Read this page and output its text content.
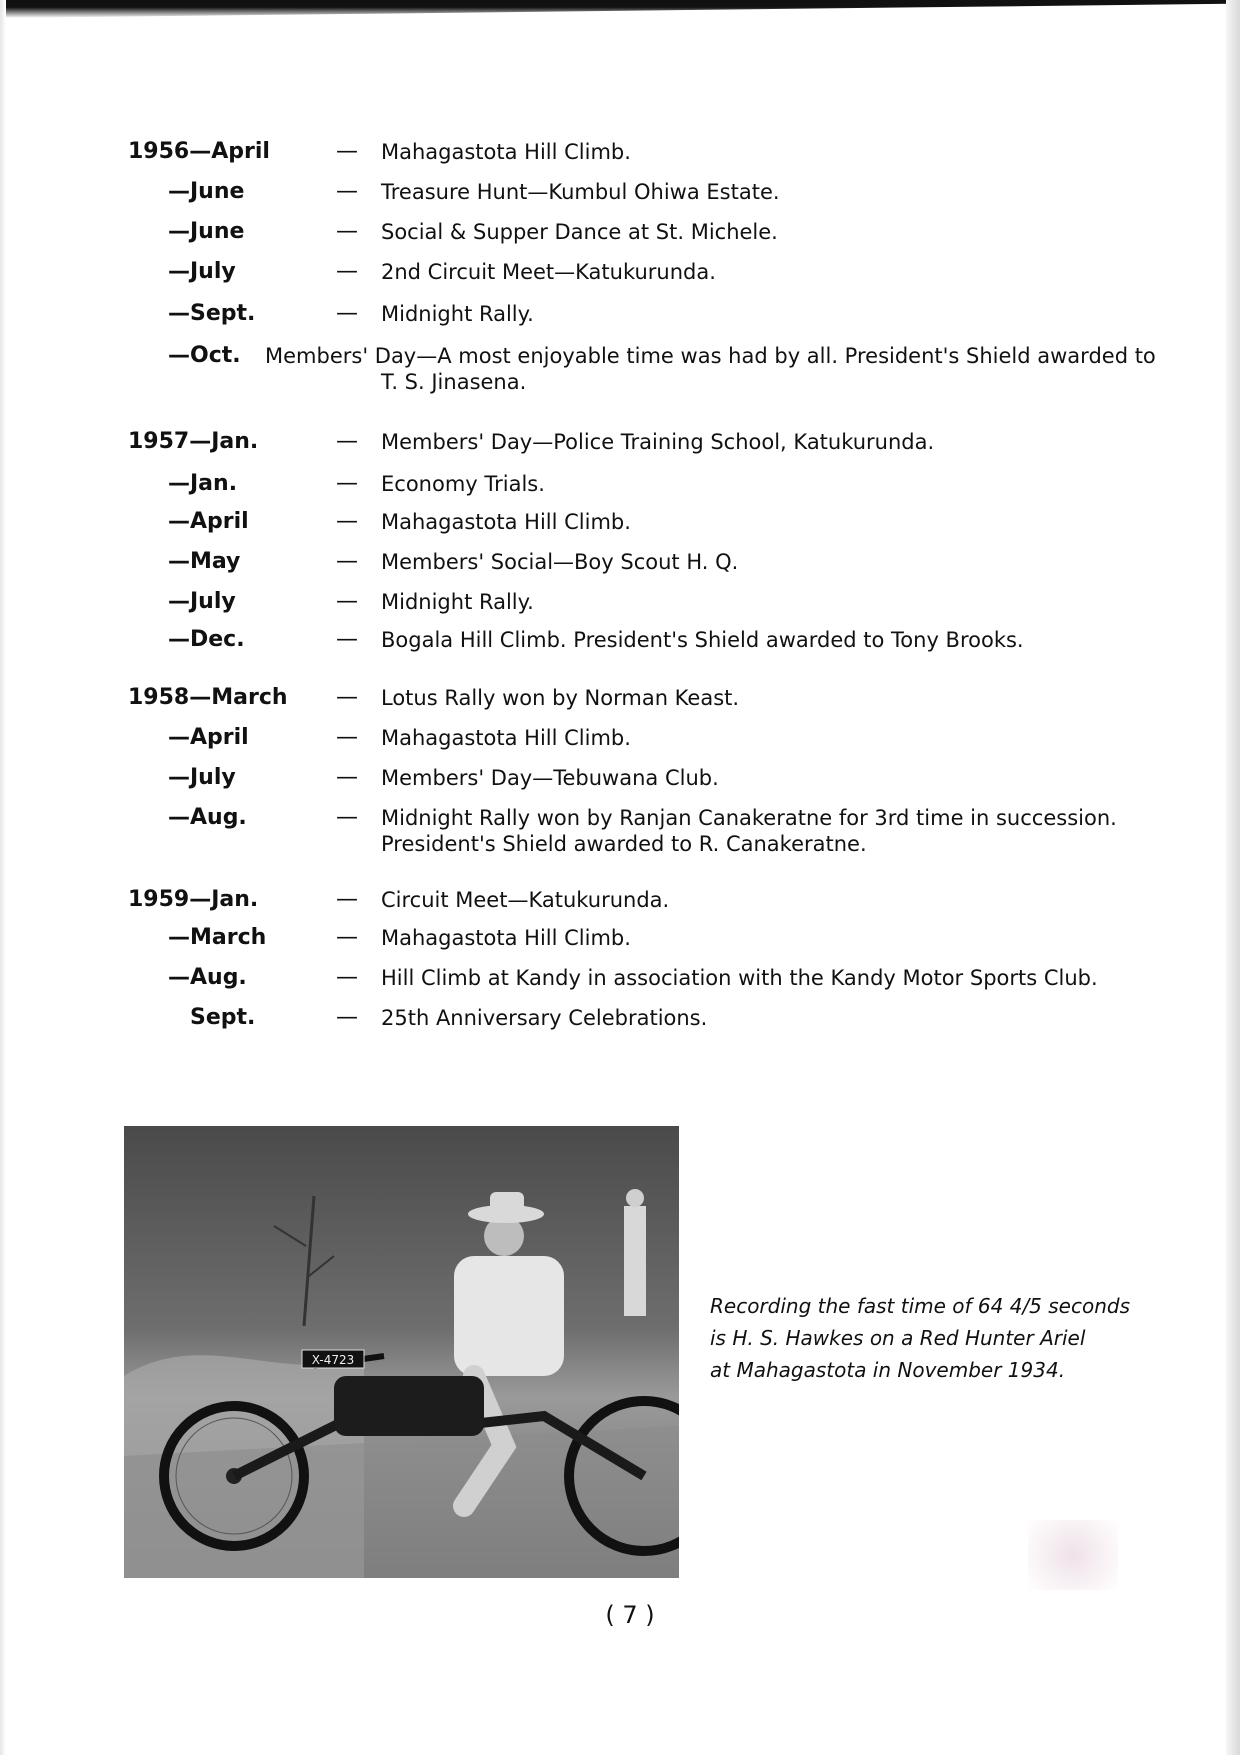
1956—April	— Mahagastota Hill Climb.
—June	— Treasure Hunt—Kumbul Ohiwa Estate.
—June	— Social & Supper Dance at St. Michele.
—July	— 2nd Circuit Meet—Katukurunda.
—Sept.	— Midnight Rally.
—Oct. Members' Day—A most enjoyable time was had by all. President's Shield awarded to
T. S. Jinasena.
1957—Jan.	— Members' Day—Police Training School, Katukurunda.
—Jan.	— Economy Trials.
—April	— Mahagastota Hill Climb.
—May	— Members' Social—Boy Scout H. Q.
—July	— Midnight Rally.
—Dec.	— Bogala Hill Climb. President's Shield awarded to Tony Brooks.
1958—March — Lotus Rally won by Norman Keast.
—April	— Mahagastota Hill Climb.
—July	— Members' Day—Tebuwana Club.
—Aug.	— Midnight Rally won by Ranjan Canakeratne for 3rd time in succession.
President's Shield awarded to R. Canakeratne.
1959—Jan.	— Circuit Meet—Katukurunda.
—March	— Mahagastota Hill Climb.
—Aug.	— Hill Climb at Kandy in association with the Kandy Motor Sports Club.
Sept.	— 25th Anniversary Celebrations.
X-4723
Recording the fast time of 64 4/5 seconds
is H. S. Hawkes on a Red Hunter Ariel
at Mahagastota in November 1934.
( 7 )
